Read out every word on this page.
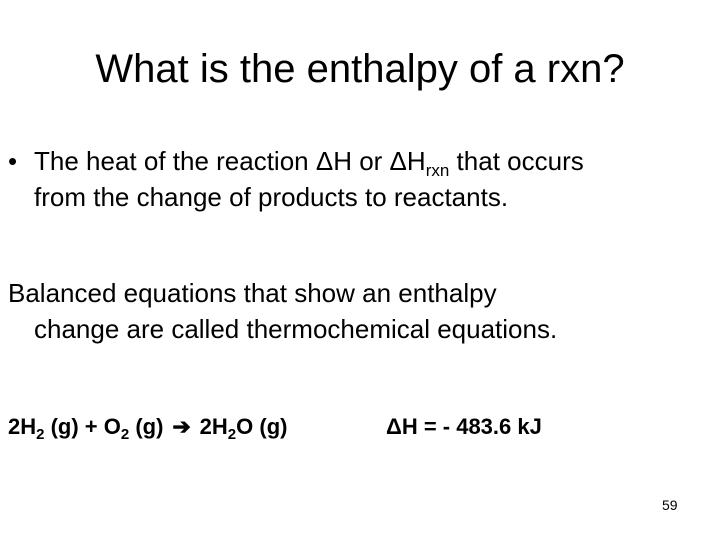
What is the enthalpy of a rxn?
• The heat of the reaction ΔH or $\Delta H_{rxn}$ that occurs
from the change of products to reactants.
Balanced equations that show an enthalpy
change are called thermochemical equations.
$2H_2$ $(g) + O_2$ (g) ➔ $2H_2O$ (g)	ΔH = - 483.6 kJ
59
